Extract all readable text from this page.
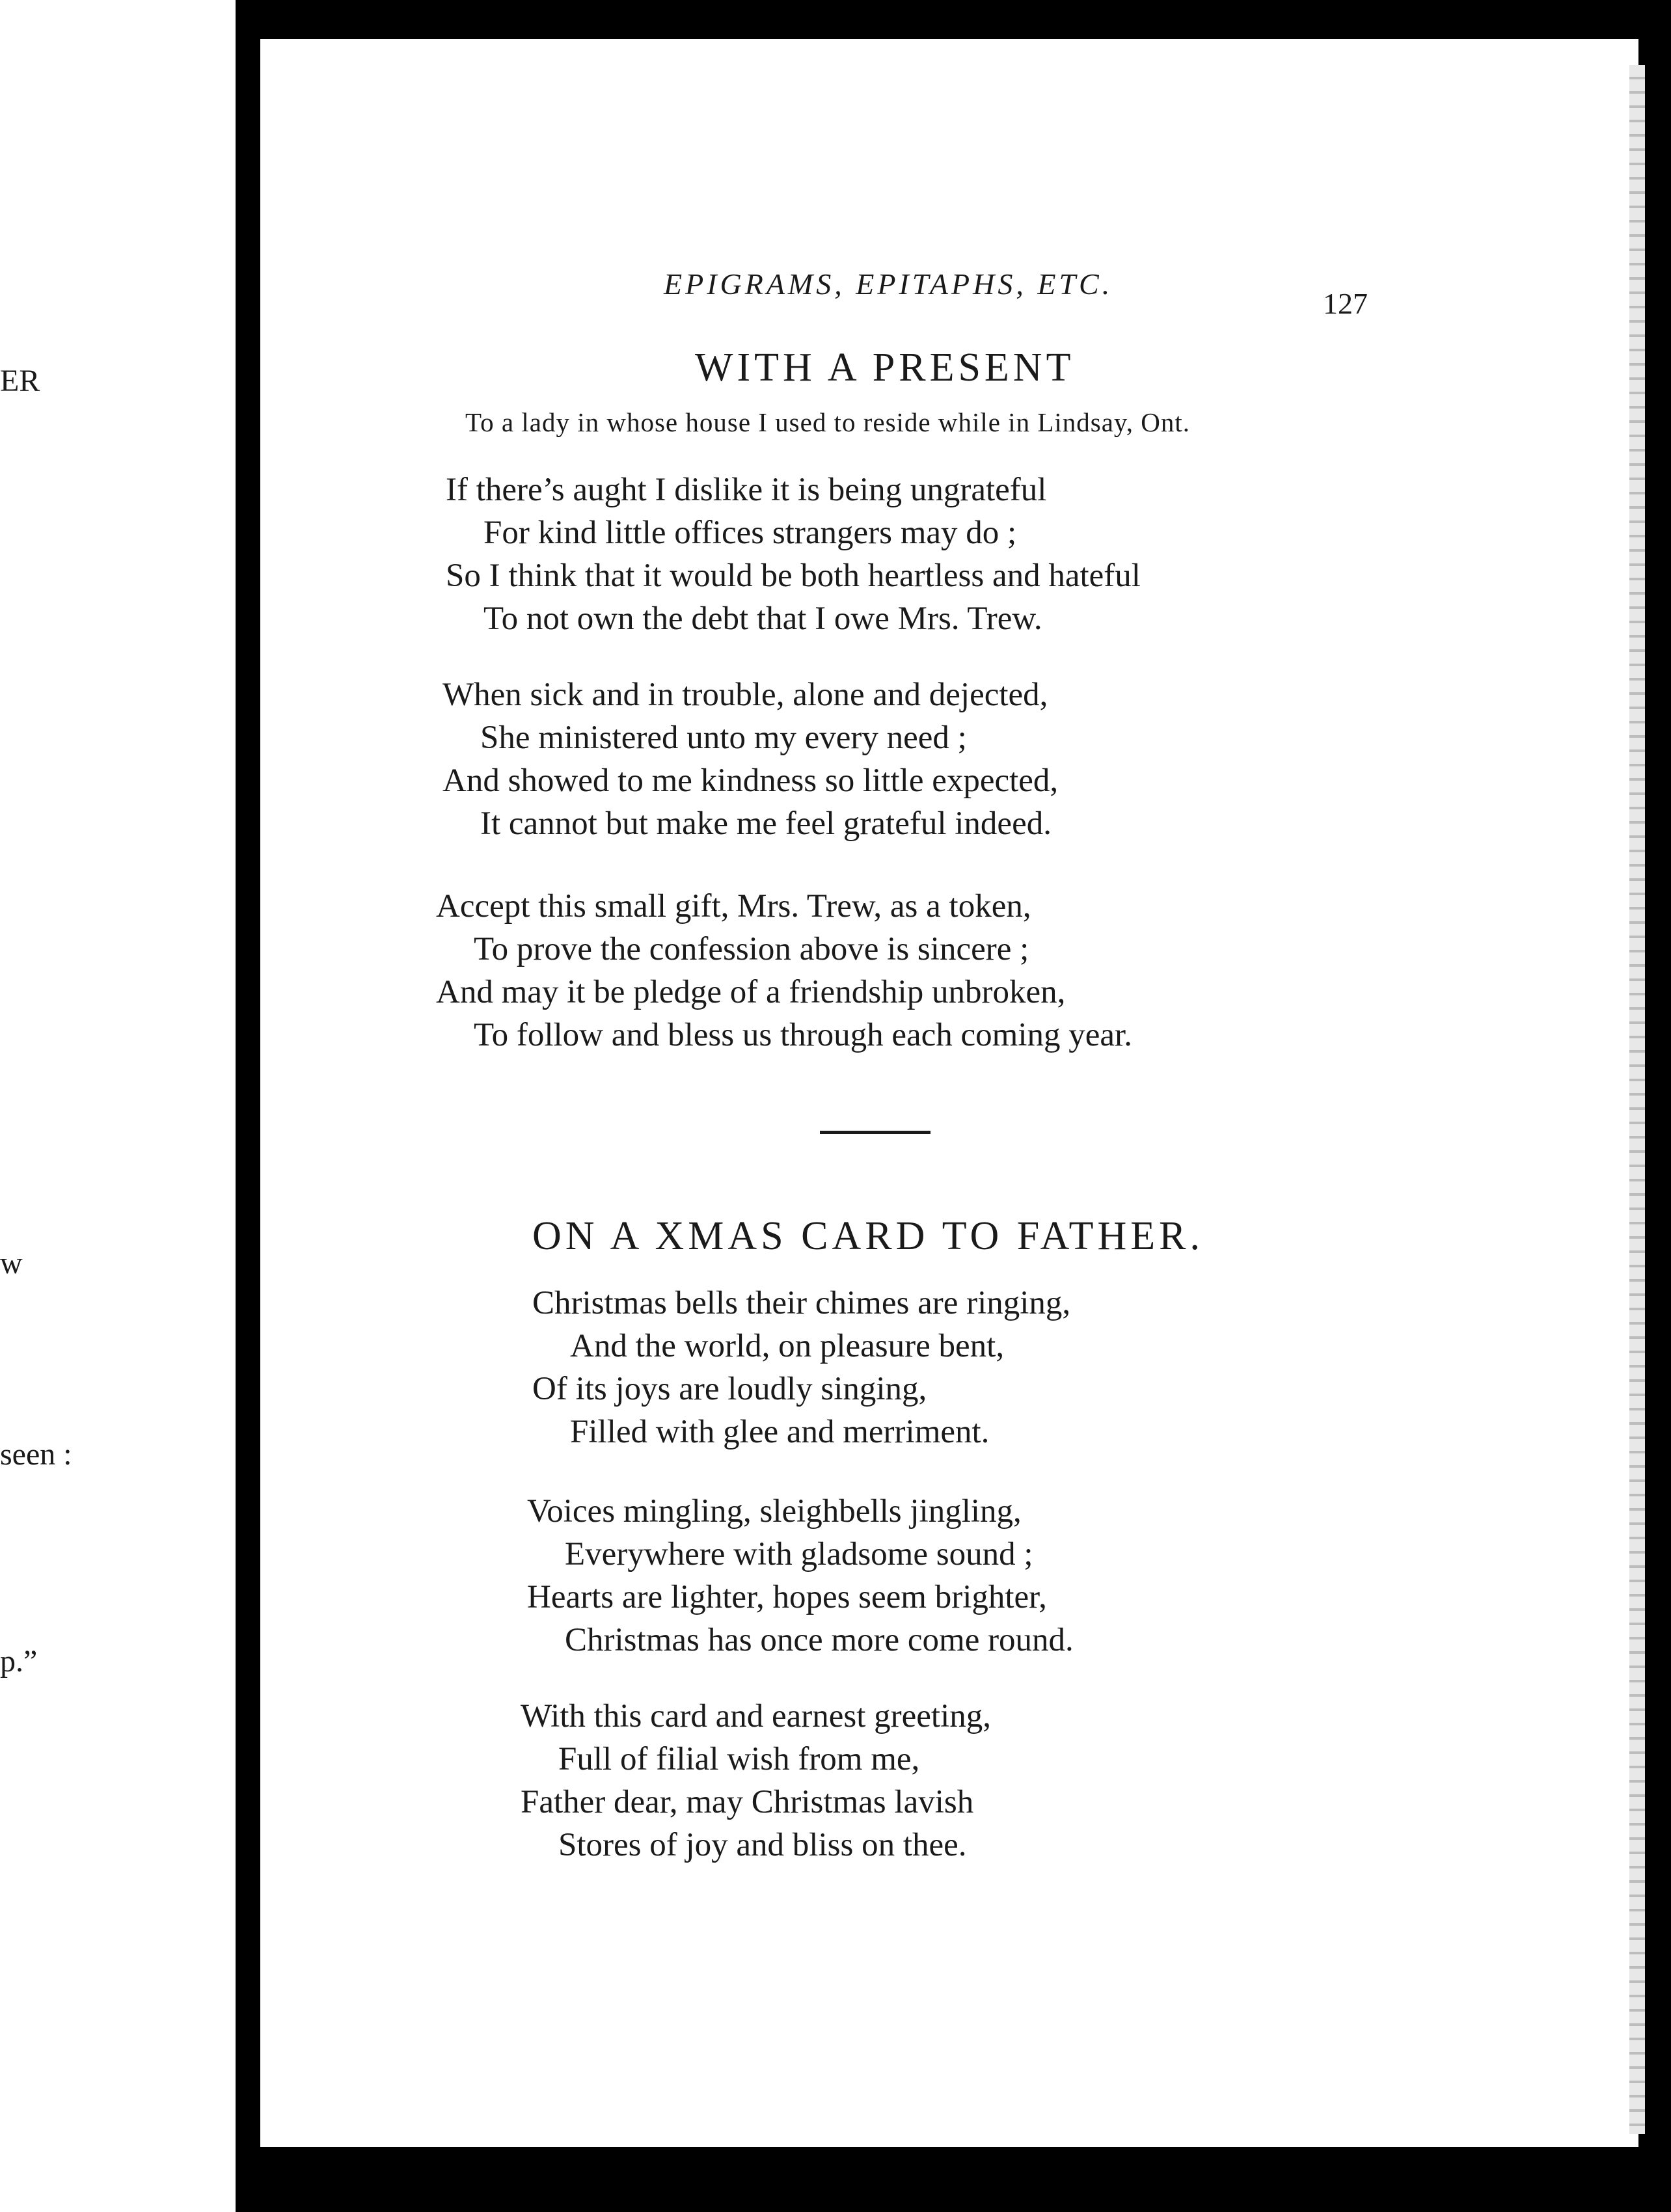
ER
w
seen :
p.”
EPIGRAMS, EPITAPHS, ETC.
127
WITH A PRESENT
To a lady in whose house I used to reside while in Lindsay, Ont.
If there’s aught I dislike it is being ungrateful
For kind little offices strangers may do ;
So I think that it would be both heartless and hateful
To not own the debt that I owe Mrs. Trew.
When sick and in trouble, alone and dejected,
She ministered unto my every need ;
And showed to me kindness so little expected,
It cannot but make me feel grateful indeed.
Accept this small gift, Mrs. Trew, as a token,
To prove the confession above is sincere ;
And may it be pledge of a friendship unbroken,
To follow and bless us through each coming year.
ON A XMAS CARD TO FATHER.
Christmas bells their chimes are ringing,
And the world, on pleasure bent,
Of its joys are loudly singing,
Filled with glee and merriment.
Voices mingling, sleighbells jingling,
Everywhere with gladsome sound ;
Hearts are lighter, hopes seem brighter,
Christmas has once more come round.
With this card and earnest greeting,
Full of filial wish from me,
Father dear, may Christmas lavish
Stores of joy and bliss on thee.
